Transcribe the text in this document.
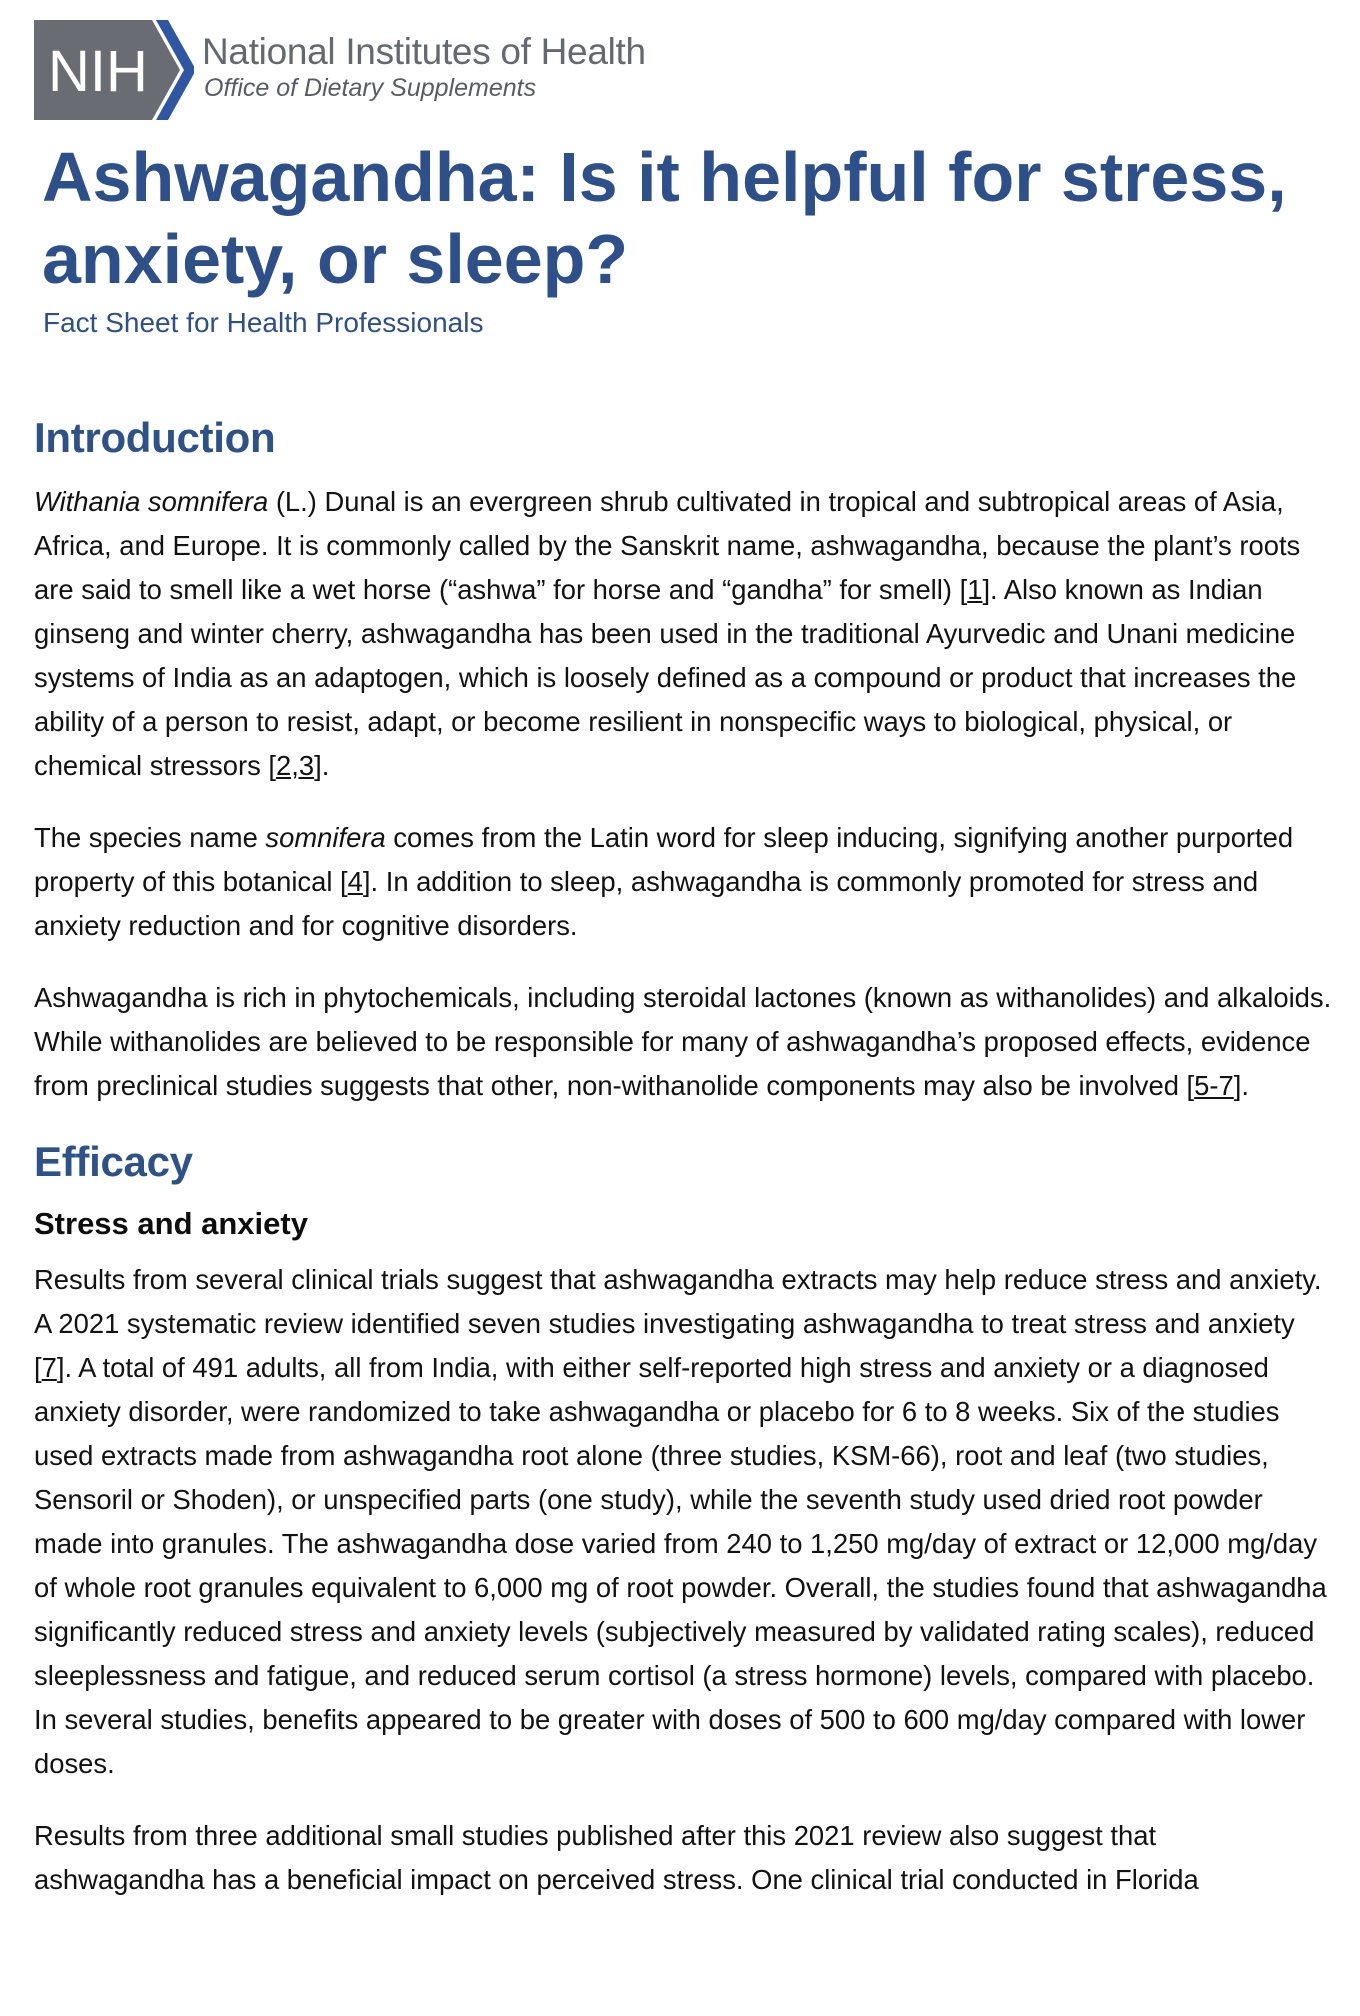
NIH National Institutes of Health
Office of Dietary Supplements
Ashwagandha: Is it helpful for stress, anxiety, or sleep?
Fact Sheet for Health Professionals
Introduction

Withania somnifera (L.) Dunal is an evergreen shrub cultivated in tropical and subtropical areas of Asia, Africa, and Europe. It is commonly called by the Sanskrit name, ashwagandha, because the plant’s roots are said to smell like a wet horse (“ashwa” for horse and “gandha” for smell) [1]. Also known as Indian ginseng and winter cherry, ashwagandha has been used in the traditional Ayurvedic and Unani medicine systems of India as an adaptogen, which is loosely defined as a compound or product that increases the ability of a person to resist, adapt, or become resilient in nonspecific ways to biological, physical, or chemical stressors [2,3].

The species name somnifera comes from the Latin word for sleep inducing, signifying another purported property of this botanical [4]. In addition to sleep, ashwagandha is commonly promoted for stress and anxiety reduction and for cognitive disorders.

Ashwagandha is rich in phytochemicals, including steroidal lactones (known as withanolides) and alkaloids. While withanolides are believed to be responsible for many of ashwagandha’s proposed effects, evidence from preclinical studies suggests that other, non-withanolide components may also be involved [5-7].

Efficacy
Stress and anxiety

Results from several clinical trials suggest that ashwagandha extracts may help reduce stress and anxiety. A 2021 systematic review identified seven studies investigating ashwagandha to treat stress and anxiety [7]. A total of 491 adults, all from India, with either self-reported high stress and anxiety or a diagnosed anxiety disorder, were randomized to take ashwagandha or placebo for 6 to 8 weeks. Six of the studies used extracts made from ashwagandha root alone (three studies, KSM-66), root and leaf (two studies, Sensoril or Shoden), or unspecified parts (one study), while the seventh study used dried root powder made into granules. The ashwagandha dose varied from 240 to 1,250 mg/day of extract or 12,000 mg/day of whole root granules equivalent to 6,000 mg of root powder. Overall, the studies found that ashwagandha significantly reduced stress and anxiety levels (subjectively measured by validated rating scales), reduced sleeplessness and fatigue, and reduced serum cortisol (a stress hormone) levels, compared with placebo. In several studies, benefits appeared to be greater with doses of 500 to 600 mg/day compared with lower doses.

Results from three additional small studies published after this 2021 review also suggest that ashwagandha has a beneficial impact on perceived stress. One clinical trial conducted in Florida
